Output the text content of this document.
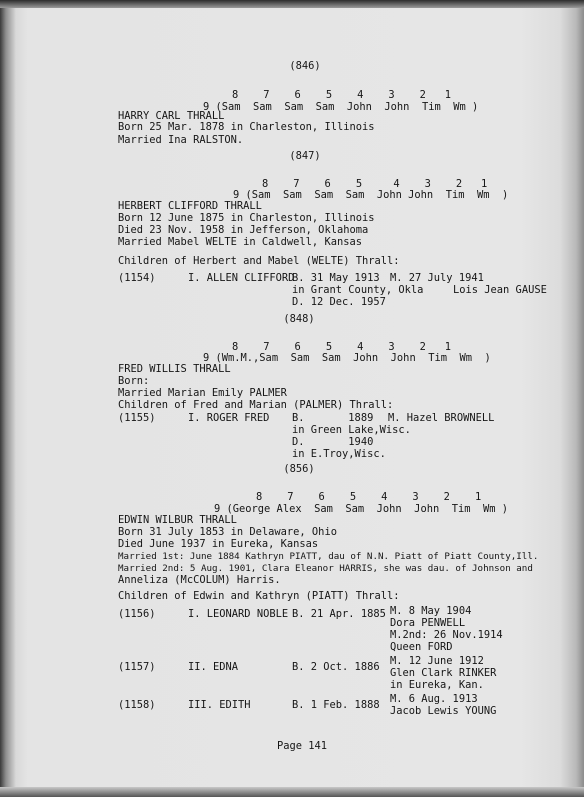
(846)
8    7    6    5    4    3    2   1
9 (Sam  Sam  Sam  Sam  John  John  Tim  Wm )
HARRY CARL THRALL
Born 25 Mar. 1878 in Charleston, Illinois
Married Ina RALSTON.
(847)
8    7    6    5     4    3    2   1
9 (Sam  Sam  Sam  Sam  John John  Tim  Wm  )
HERBERT CLIFFORD THRALL
Born 12 June 1875 in Charleston, Illinois
Died 23 Nov. 1958 in Jefferson, Oklahoma
Married Mabel WELTE in Caldwell, Kansas
Children of Herbert and Mabel (WELTE) Thrall:
(1154)	I. ALLEN CLIFFORD
B. 31 May 1913
in Grant County, Okla
D. 12 Dec. 1957
M. 27 July 1941
Lois Jean GAUSE
(848)
8    7    6    5    4    3    2   1
9 (Wm.M.,Sam  Sam  Sam  John  John  Tim  Wm  )
FRED WILLIS THRALL
Born:
Married Marian Emily PALMER
Children of Fred and Marian (PALMER) Thrall:
(1155)	I. ROGER FRED B.       1889
in Green Lake,Wisc.
D.       1940
in E.Troy,Wisc.
M. Hazel BROWNELL
(856)
8    7    6    5    4    3    2    1
9 (George Alex  Sam  Sam  John  John  Tim  Wm )
EDWIN WILBUR THRALL
Born 31 July 1853 in Delaware, Ohio
Died June 1937 in Eureka, Kansas
Married 1st: June 1884 Kathryn PIATT, dau of N.N. Piatt of Piatt County,Ill.
Married 2nd: 5 Aug. 1901, Clara Eleanor HARRIS, she was dau. of Johnson and
Anneliza (McCOLUM) Harris.
Children of Edwin and Kathryn (PIATT) Thrall:
(1156)	I. LEONARD NOBLE B. 21 Apr. 1885 M. 8 May 1904
Dora PENWELL
M.2nd: 26 Nov.1914
Queen FORD
(1157)	II. EDNA	B. 2 Oct. 1886 M. 12 June 1912
Glen Clark RINKER
in Eureka, Kan.
(1158)	III. EDITH	B. 1 Feb. 1888 M. 6 Aug. 1913
Jacob Lewis YOUNG
Page 141
